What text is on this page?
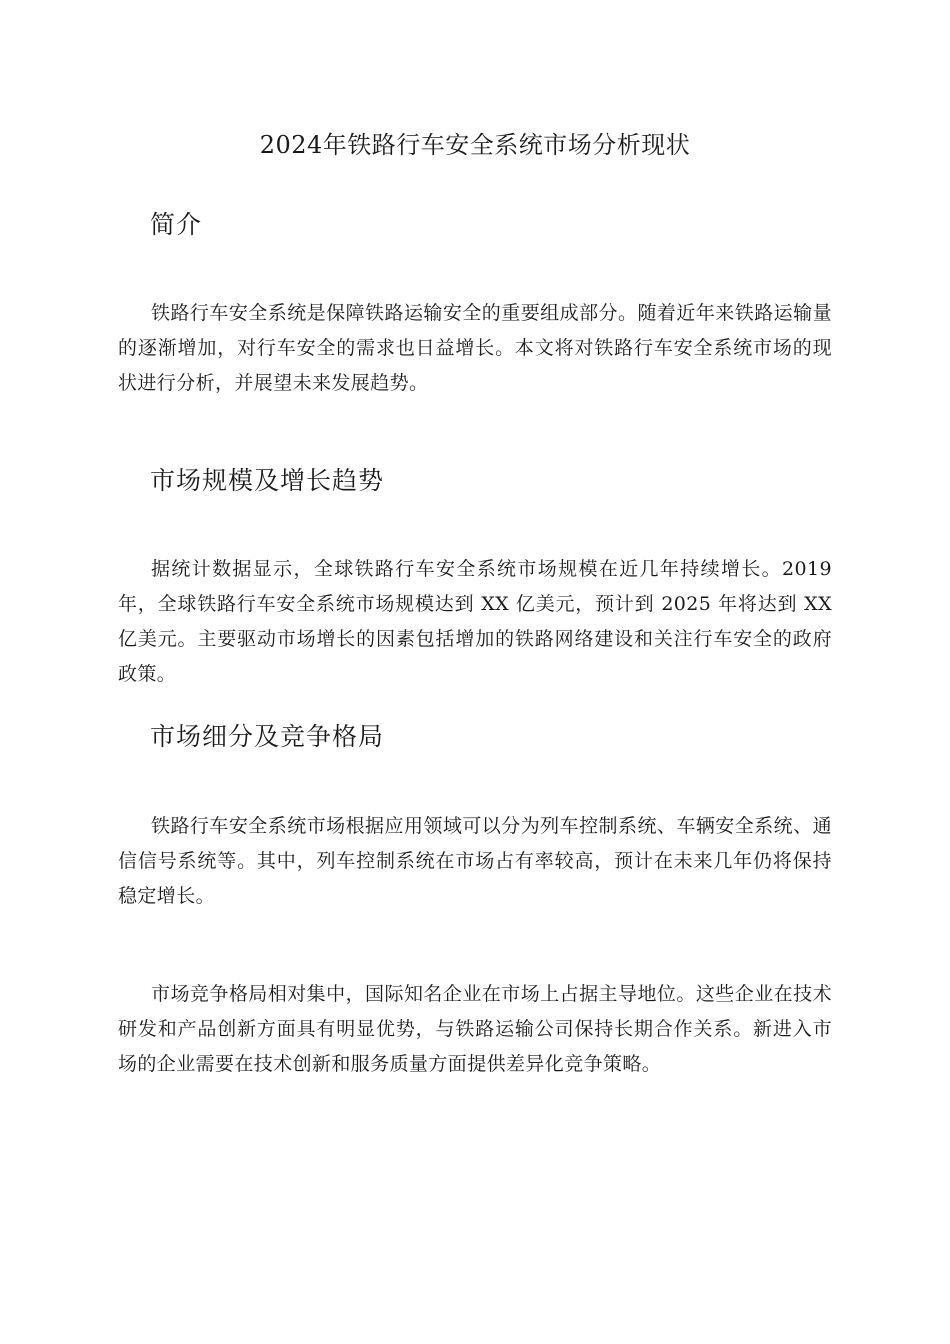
2024年铁路行车安全系统市场分析现状
简介

铁路行车安全系统是保障铁路运输安全的重要组成部分。随着近年来铁路运输量的逐渐增加，对行车安全的需求也日益增长。本文将对铁路行车安全系统市场的现状进行分析，并展望未来发展趋势。

市场规模及增长趋势

据统计数据显示，全球铁路行车安全系统市场规模在近几年持续增长。2019 年，全球铁路行车安全系统市场规模达到 XX 亿美元，预计到 2025 年将达到 XX 亿美元。主要驱动市场增长的因素包括增加的铁路网络建设和关注行车安全的政府政策。

市场细分及竞争格局

铁路行车安全系统市场根据应用领域可以分为列车控制系统、车辆安全系统、通信信号系统等。其中，列车控制系统在市场占有率较高，预计在未来几年仍将保持稳定增长。

市场竞争格局相对集中，国际知名企业在市场上占据主导地位。这些企业在技术研发和产品创新方面具有明显优势，与铁路运输公司保持长期合作关系。新进入市场的企业需要在技术创新和服务质量方面提供差异化竞争策略。
